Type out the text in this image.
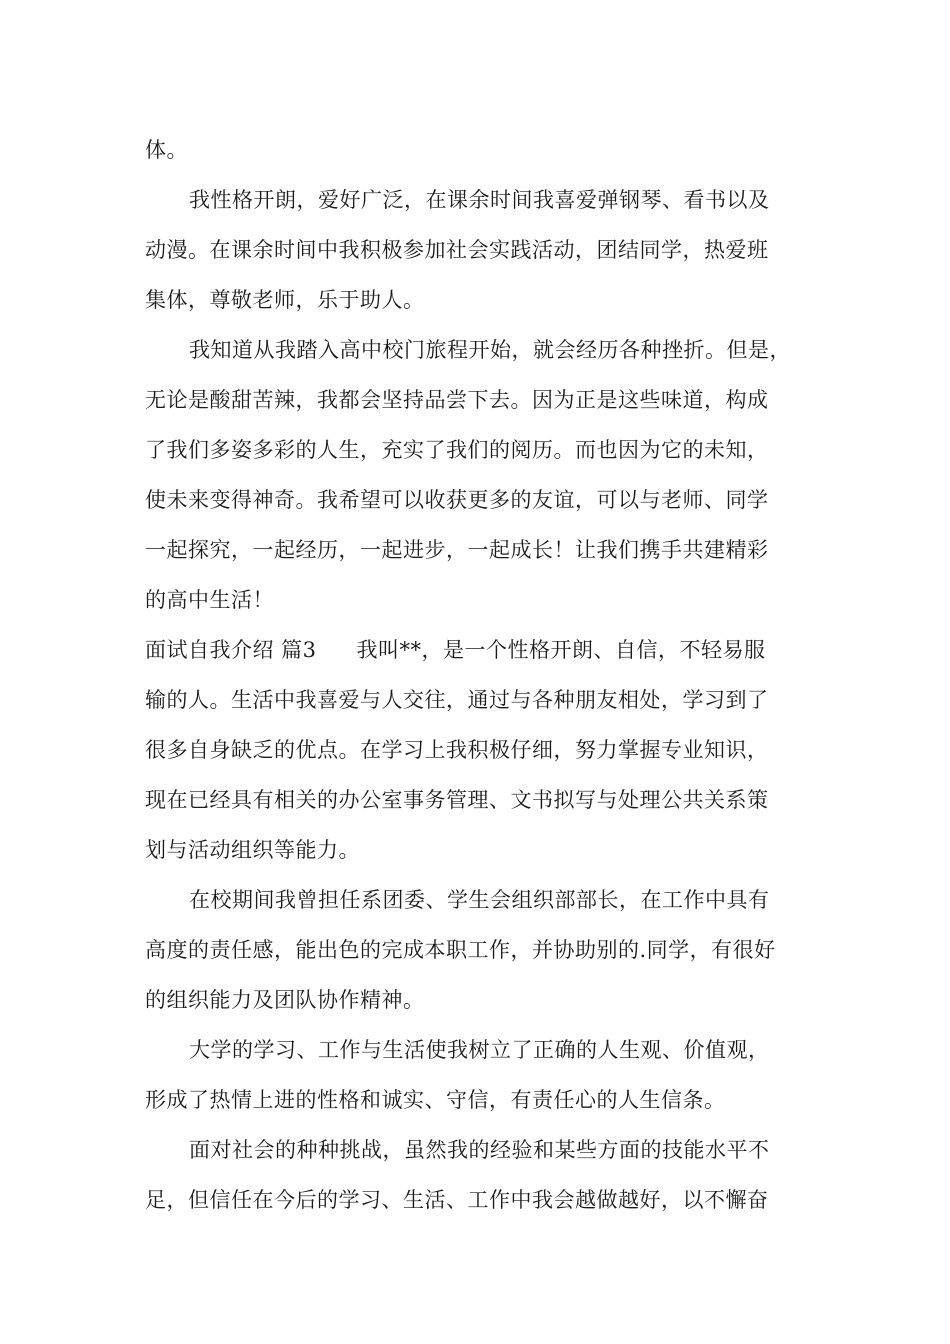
体。
我性格开朗，爱好广泛，在课余时间我喜爱弹钢琴、看书以及
动漫。在课余时间中我积极参加社会实践活动，团结同学，热爱班
集体，尊敬老师，乐于助人。
我知道从我踏入高中校门旅程开始，就会经历各种挫折。但是，
无论是酸甜苦辣，我都会坚持品尝下去。因为正是这些味道，构成
了我们多姿多彩的人生，充实了我们的阅历。而也因为它的未知，
使未来变得神奇。我希望可以收获更多的友谊，可以与老师、同学
一起探究，一起经历，一起进步，一起成长！让我们携手共建精彩
的高中生活！
面试自我介绍 篇3 我叫**，是一个性格开朗、自信，不轻易服
输的人。生活中我喜爱与人交往，通过与各种朋友相处，学习到了
很多自身缺乏的优点。在学习上我积极仔细，努力掌握专业知识，
现在已经具有相关的办公室事务管理、文书拟写与处理公共关系策
划与活动组织等能力。
在校期间我曾担任系团委、学生会组织部部长，在工作中具有
高度的责任感，能出色的完成本职工作，并协助别的.同学，有很好
的组织能力及团队协作精神。
大学的学习、工作与生活使我树立了正确的人生观、价值观，
形成了热情上进的性格和诚实、守信，有责任心的人生信条。
面对社会的种种挑战，虽然我的经验和某些方面的技能水平不
足，但信任在今后的学习、生活、工作中我会越做越好，以不懈奋
